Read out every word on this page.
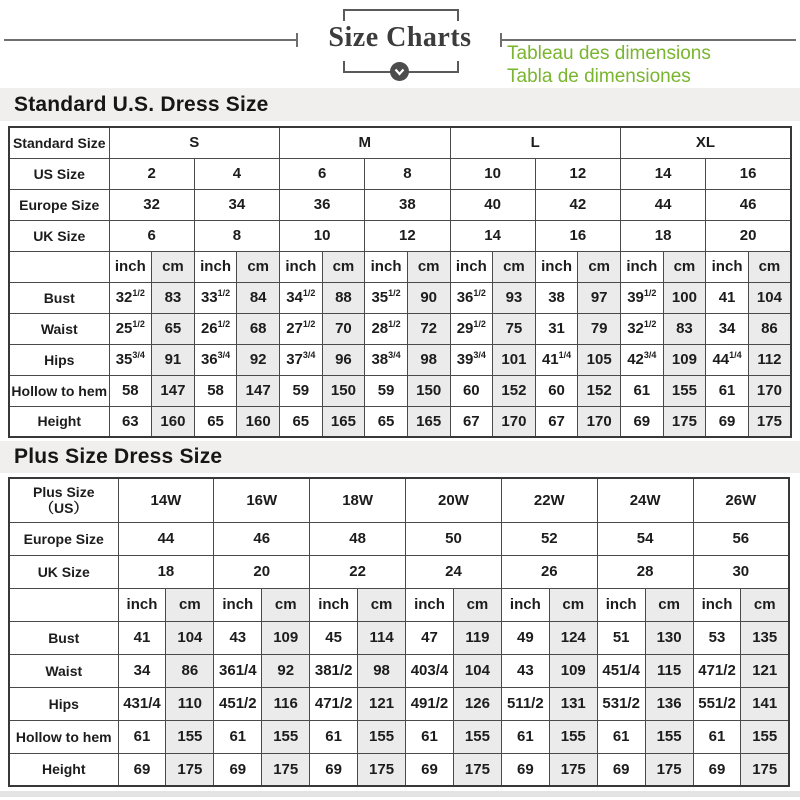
Size Charts
Tableau des dimensions
Tabla de dimensiones
Standard U.S. Dress Size
Standard Size	S				M				L				XL			
US Size	2		4		6		8		10		12		14		16	
Europe Size	32		34		36		38		40		42		44		46	
UK Size	6		8		10		12		14		16		18		20	
	inch	cm	inch	cm	inch	cm	inch	cm	inch	cm	inch	cm	inch	cm	inch	cm
Bust	$32^{1/2}$	83	$33^{1/2}$	84	$34^{1/2}$	88	$35^{1/2}$	90	$36^{1/2}$	93	38	97	$39^{1/2}$	100	41	104
Waist	$25^{1/2}$	65	$26^{1/2}$	68	$27^{1/2}$	70	$28^{1/2}$	72	$29^{1/2}$	75	31	79	$32^{1/2}$	83	34	86
Hips	$35^{3/4}$	91	$36^{3/4}$	92	$37^{3/4}$	96	$38^{3/4}$	98	$39^{3/4}$	101	$41^{1/4}$	105	$42^{3/4}$	109	$44^{1/4}$	112
Hollow to hem	58	147	58	147	59	150	59	150	60	152	60	152	61	155	61	170
Height	63	160	65	160	65	165	65	165	67	170	67	170	69	175	69	175
Plus Size Dress Size
Plus Size
（US）	14W		16W		18W		20W		22W		24W		26W	
Europe Size	44		46		48		50		52		54		56	
UK Size	18		20		22		24		26		28		30	
	inch	cm	inch	cm	inch	cm	inch	cm	inch	cm	inch	cm	inch	cm
Bust	41	104	43	109	45	114	47	119	49	124	51	130	53	135
Waist	34	86	361/4	92	381/2	98	403/4	104	43	109	451/4	115	471/2	121
Hips	431/4	110	451/2	116	471/2	121	491/2	126	511/2	131	531/2	136	551/2	141
Hollow to hem	61	155	61	155	61	155	61	155	61	155	61	155	61	155
Height	69	175	69	175	69	175	69	175	69	175	69	175	69	175
